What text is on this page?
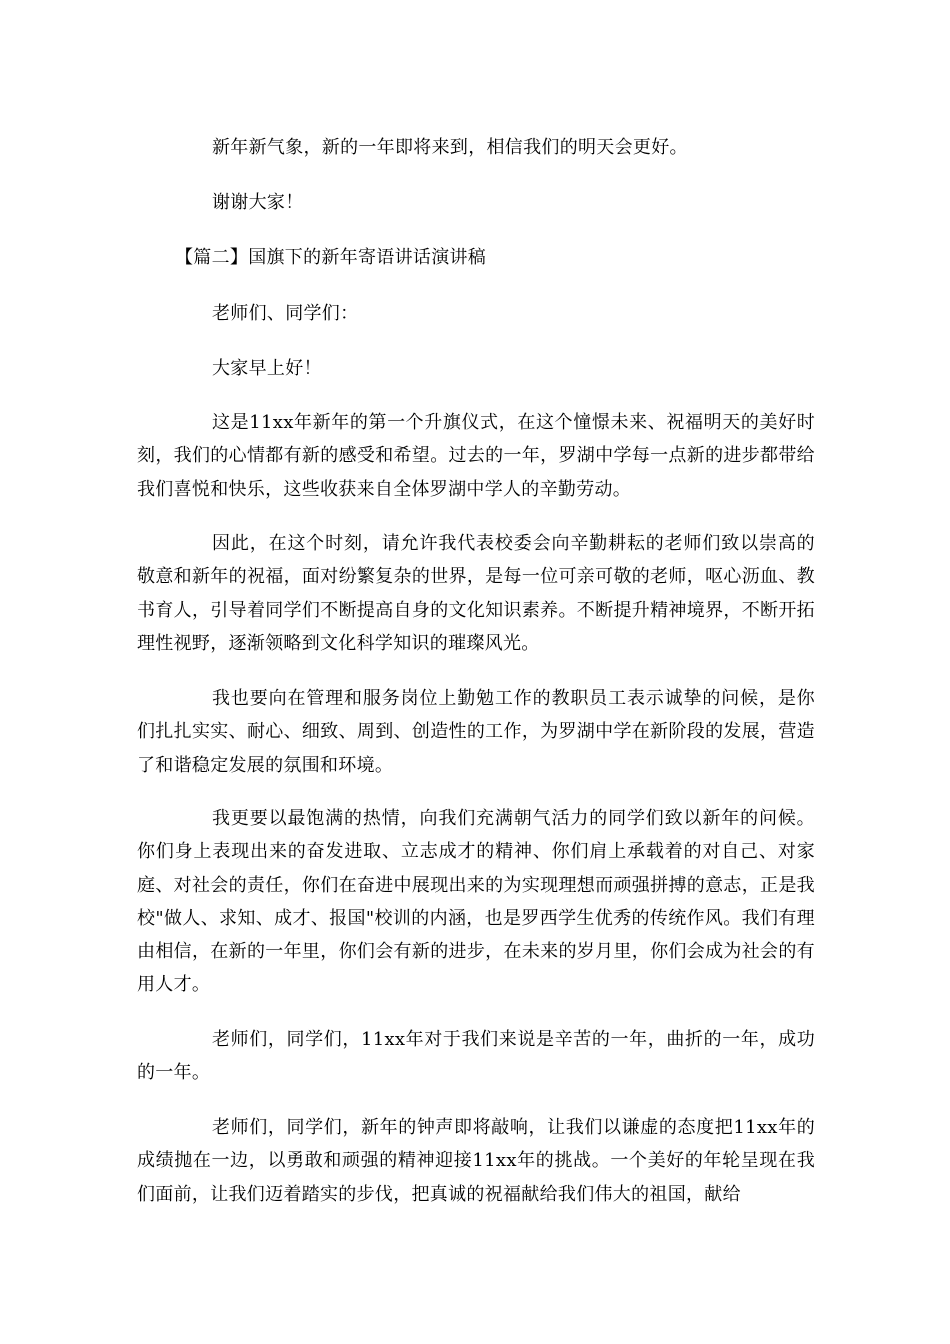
新年新气象，新的一年即将来到，相信我们的明天会更好。
谢谢大家！
【篇二】国旗下的新年寄语讲话演讲稿
老师们、同学们：
大家早上好！

这是11xx年新年的第一个升旗仪式，在这个憧憬未来、祝福明天的美好时刻，我们的心情都有新的感受和希望。过去的一年，罗湖中学每一点新的进步都带给我们喜悦和快乐，这些收获来自全体罗湖中学人的辛勤劳动。

因此，在这个时刻，请允许我代表校委会向辛勤耕耘的老师们致以崇高的敬意和新年的祝福，面对纷繁复杂的世界，是每一位可亲可敬的老师，呕心沥血、教书育人，引导着同学们不断提高自身的文化知识素养。不断提升精神境界，不断开拓理性视野，逐渐领略到文化科学知识的璀璨风光。

我也要向在管理和服务岗位上勤勉工作的教职员工表示诚挚的问候，是你们扎扎实实、耐心、细致、周到、创造性的工作，为罗湖中学在新阶段的发展，营造了和谐稳定发展的氛围和环境。

我更要以最饱满的热情，向我们充满朝气活力的同学们致以新年的问候。你们身上表现出来的奋发进取、立志成才的精神、你们肩上承载着的对自己、对家庭、对社会的责任，你们在奋进中展现出来的为实现理想而顽强拼搏的意志，正是我校"做人、求知、成才、报国"校训的内涵，也是罗西学生优秀的传统作风。我们有理由相信，在新的一年里，你们会有新的进步，在未来的岁月里，你们会成为社会的有用人才。

老师们，同学们，11xx年对于我们来说是辛苦的一年，曲折的一年，成功的一年。

老师们，同学们，新年的钟声即将敲响，让我们以谦虚的态度把11xx年的成绩抛在一边，以勇敢和顽强的精神迎接11xx年的挑战。一个美好的年轮呈现在我们面前，让我们迈着踏实的步伐，把真诚的祝福献给我们伟大的祖国，献给
